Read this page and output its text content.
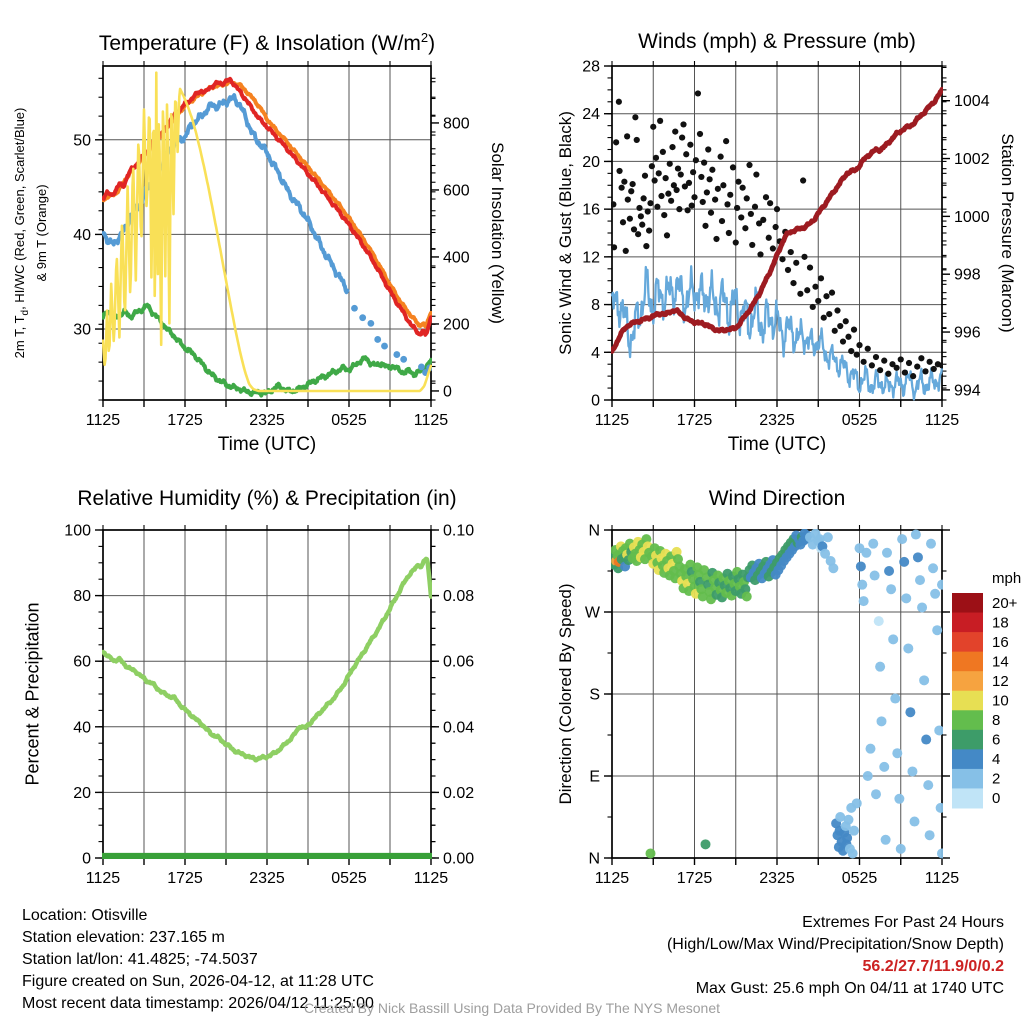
30
40
50
0
200
400
600
800
1125	1725	2325	0525	1125
0
4
8
12
16
20
24
28
994
996
998
1000
1002
1004
1125	1725	2325	0525	1125
0
20
40
60
80
100
0.00
0.02
0.04
0.06
0.08
0.10
1125	1725	2325	0525	1125
N
W
S
E
N
1125	1725	2325	0525	1125
20+
18
16
14
12
10
8
6
4
2
0
Temperature (F) & Insolation $(W/m^2)$	Winds (mph) & Pressure (mb)
Relative Humidity (%) & Precipitation (in)	Wind Direction
Time (UTC)	Time (UTC)
2m T, $T_d$, HI/WC (Red, Green, Scarlet/Blue) & 9m T (Orange)	Solar Insolation (Yellow)	Sonic Wind & Gust (Blue, Black)	Station Pressure (Maroon)
Percent & Precipitation	Direction (Colored By Speed)
mph
Location: Otisville
Station elevation: 237.165 m
Station lat/lon: 41.4825; -74.5037
Figure created on Sun, 2026-04-12, at 11:28 UTC
Most recent data timestamp: 2026/04/12 11:25:00
Extremes For Past 24 Hours
(High/Low/Max Wind/Precipitation/Snow Depth)
56.2/27.7/11.9/0/0.2
Max Gust: 25.6 mph On 04/11 at 1740 UTC
Created By Nick Bassill Using Data Provided By The NYS Mesonet
